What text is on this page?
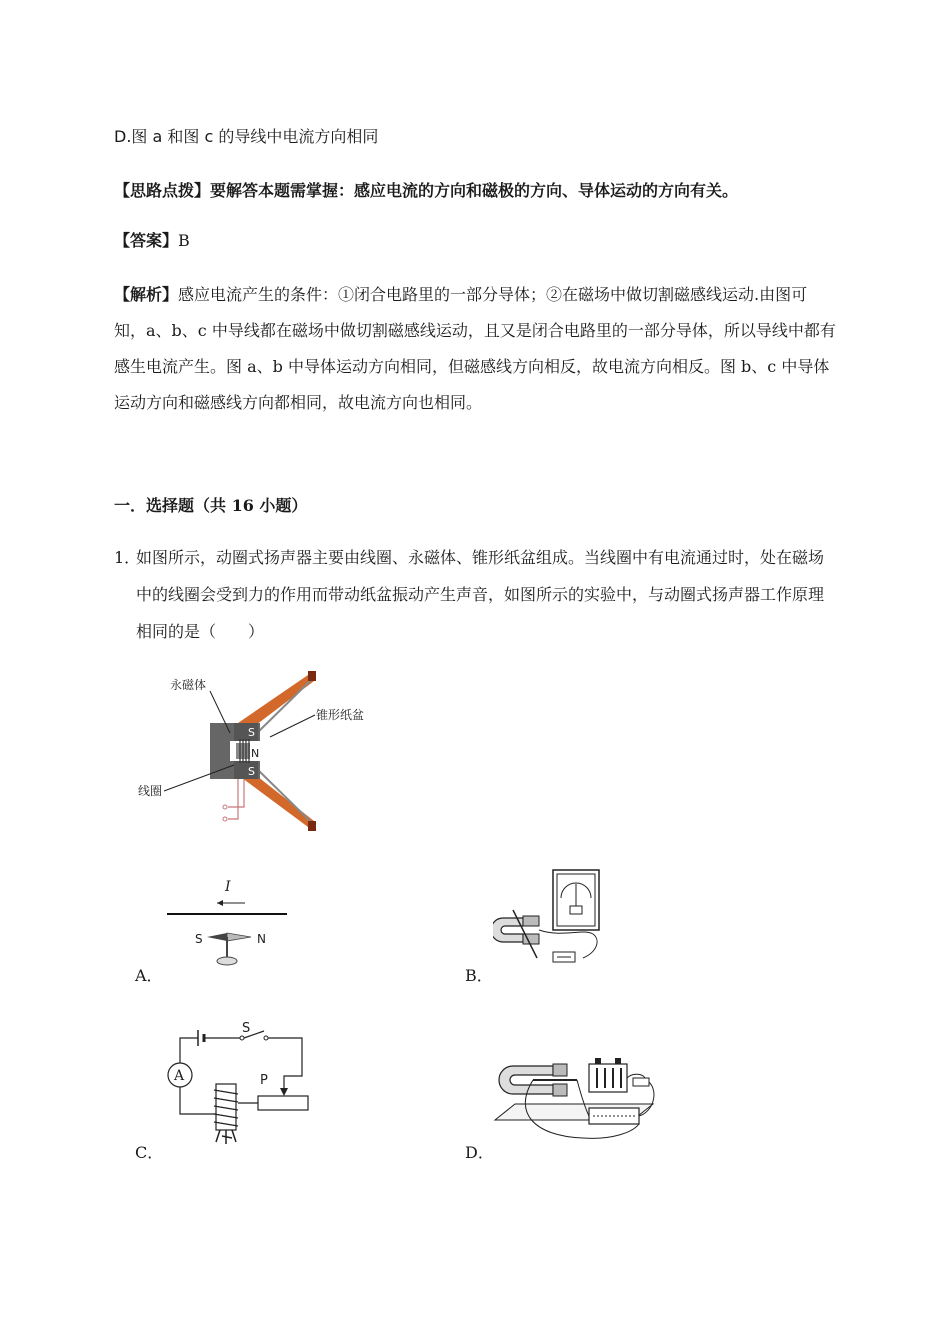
D.图 a 和图 c 的导线中电流方向相同
【思路点拨】要解答本题需掌握：感应电流的方向和磁极的方向、导体运动的方向有关。
【答案】B
【解析】感应电流产生的条件：①闭合电路里的一部分导体；②在磁场中做切割磁感线运动.由图可知，a、b、c 中导线都在磁场中做切割磁感线运动，且又是闭合电路里的一部分导体，所以导线中都有感生电流产生。图 a、b 中导体运动方向相同，但磁感线方向相反，故电流方向相反。图 b、c 中导体运动方向和磁感线方向都相同，故电流方向也相同。
一．选择题（共 16 小题）
1．
如图所示，动圈式扬声器主要由线圈、永磁体、锥形纸盆组成。当线圈中有电流通过时，处在磁场中的线圈会受到力的作用而带动纸盆振动产生声音，如图所示的实验中，与动圈式扬声器工作原理相同的是（　　）
S
N
S
永磁体
锥形纸盆
线圈
I
S	N
A．	B．
S
P
A
C．	D．
